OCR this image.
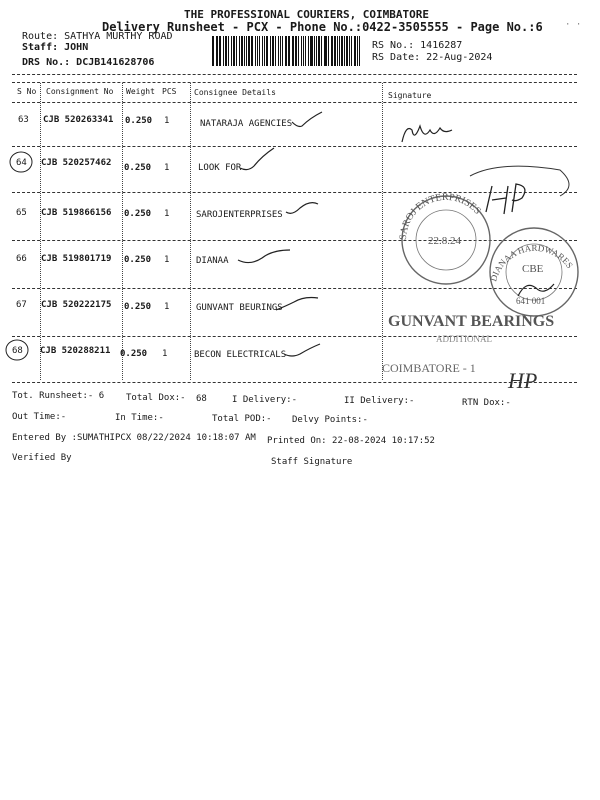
THE PROFESSIONAL COURIERS, COIMBATORE
Delivery Runsheet - PCX - Phone No.:0422-3505555 - Page No.:6
Route: SATHYA MURTHY ROAD
Staff: JOHN
DRS No.: DCJB141628706
RS No.: 1416287
RS Date: 22-Aug-2024
· ·
S No Consignment No Weight PCS Consignee Details	Signature
63 CJB 520263341 0.250 1	NATARAJA AGENCIES
64 CJB 520257462 0.250 1	LOOK FOR
65 CJB 519866156 0.250 1	SAROJENTERPRISES
66 CJB 519801719 0.250 1	DIANAA
67 CJB 520222175 0.250 1	GUNVANT BEURINGS
68 CJB 520288211 0.250 1	BECON ELECTRICALS
Tot. Runsheet:- 6 Total Dox:- 68	I Delivery:-	II Delivery:-	RTN Dox:-
Out Time:-	In Time:-	Total POD:- Delvy Points:-
Entered By :SUMATHIPCX 08/22/2024 10:18:07 AM Printed On: 22-08-2024 10:17:52
Verified By	Staff Signature
SAROJ ENTERPRISES
22.8.24
DIANAA HARDWARES
CBE
641 001
GUNVANT BEARINGS
ADDITIONAL
COIMBATORE - 1 HP
